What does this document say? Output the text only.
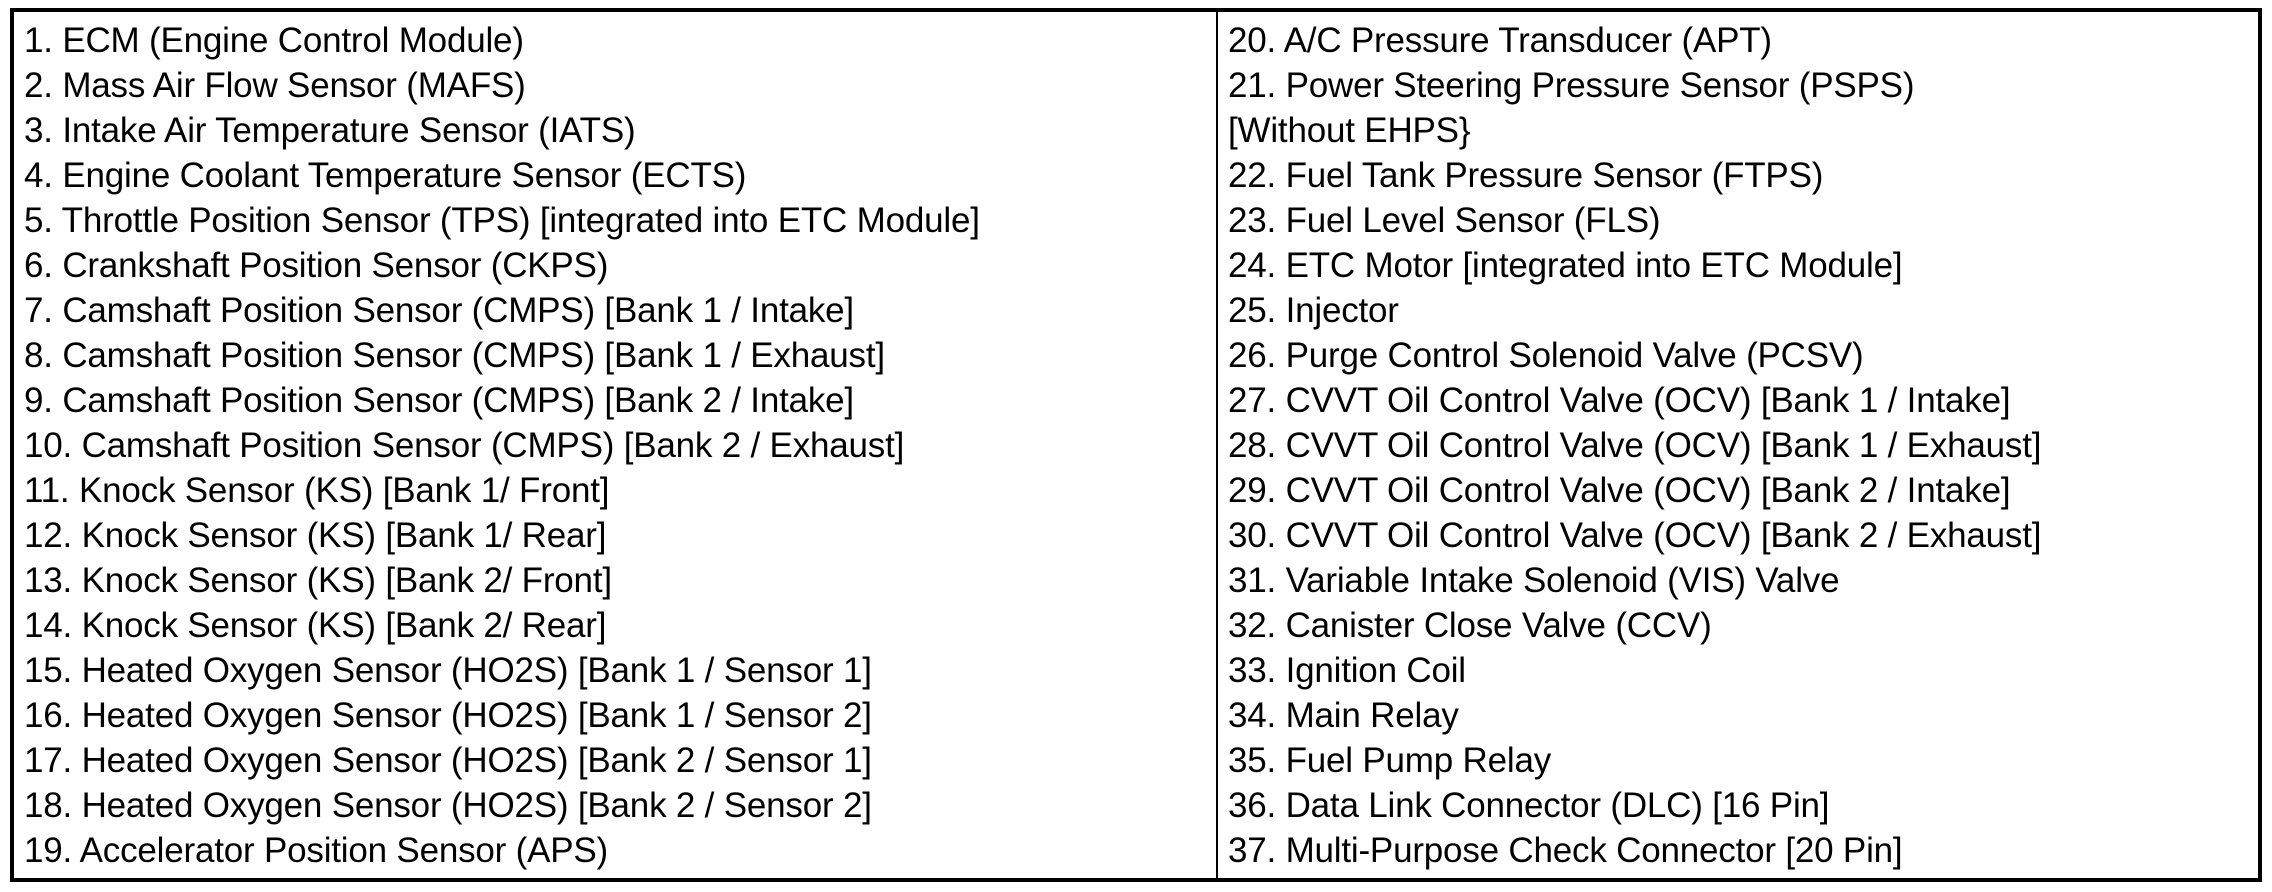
1. ECM (Engine Control Module)
2. Mass Air Flow Sensor (MAFS)
3. Intake Air Temperature Sensor (IATS)
4. Engine Coolant Temperature Sensor (ECTS)
5. Throttle Position Sensor (TPS) [integrated into ETC Module]
6. Crankshaft Position Sensor (CKPS)
7. Camshaft Position Sensor (CMPS) [Bank 1 / Intake]
8. Camshaft Position Sensor (CMPS) [Bank 1 / Exhaust]
9. Camshaft Position Sensor (CMPS) [Bank 2 / Intake]
10. Camshaft Position Sensor (CMPS) [Bank 2 / Exhaust]
11. Knock Sensor (KS) [Bank 1/ Front]
12. Knock Sensor (KS) [Bank 1/ Rear]
13. Knock Sensor (KS) [Bank 2/ Front]
14. Knock Sensor (KS) [Bank 2/ Rear]
15. Heated Oxygen Sensor (HO2S) [Bank 1 / Sensor 1]
16. Heated Oxygen Sensor (HO2S) [Bank 1 / Sensor 2]
17. Heated Oxygen Sensor (HO2S) [Bank 2 / Sensor 1]
18. Heated Oxygen Sensor (HO2S) [Bank 2 / Sensor 2]
19. Accelerator Position Sensor (APS)
20. A/C Pressure Transducer (APT)
21. Power Steering Pressure Sensor (PSPS)
[Without EHPS}
22. Fuel Tank Pressure Sensor (FTPS)
23. Fuel Level Sensor (FLS)
24. ETC Motor [integrated into ETC Module]
25. Injector
26. Purge Control Solenoid Valve (PCSV)
27. CVVT Oil Control Valve (OCV) [Bank 1 / Intake]
28. CVVT Oil Control Valve (OCV) [Bank 1 / Exhaust]
29. CVVT Oil Control Valve (OCV) [Bank 2 / Intake]
30. CVVT Oil Control Valve (OCV) [Bank 2 / Exhaust]
31. Variable Intake Solenoid (VIS) Valve
32. Canister Close Valve (CCV)
33. Ignition Coil
34. Main Relay
35. Fuel Pump Relay
36. Data Link Connector (DLC) [16 Pin]
37. Multi-Purpose Check Connector [20 Pin]
